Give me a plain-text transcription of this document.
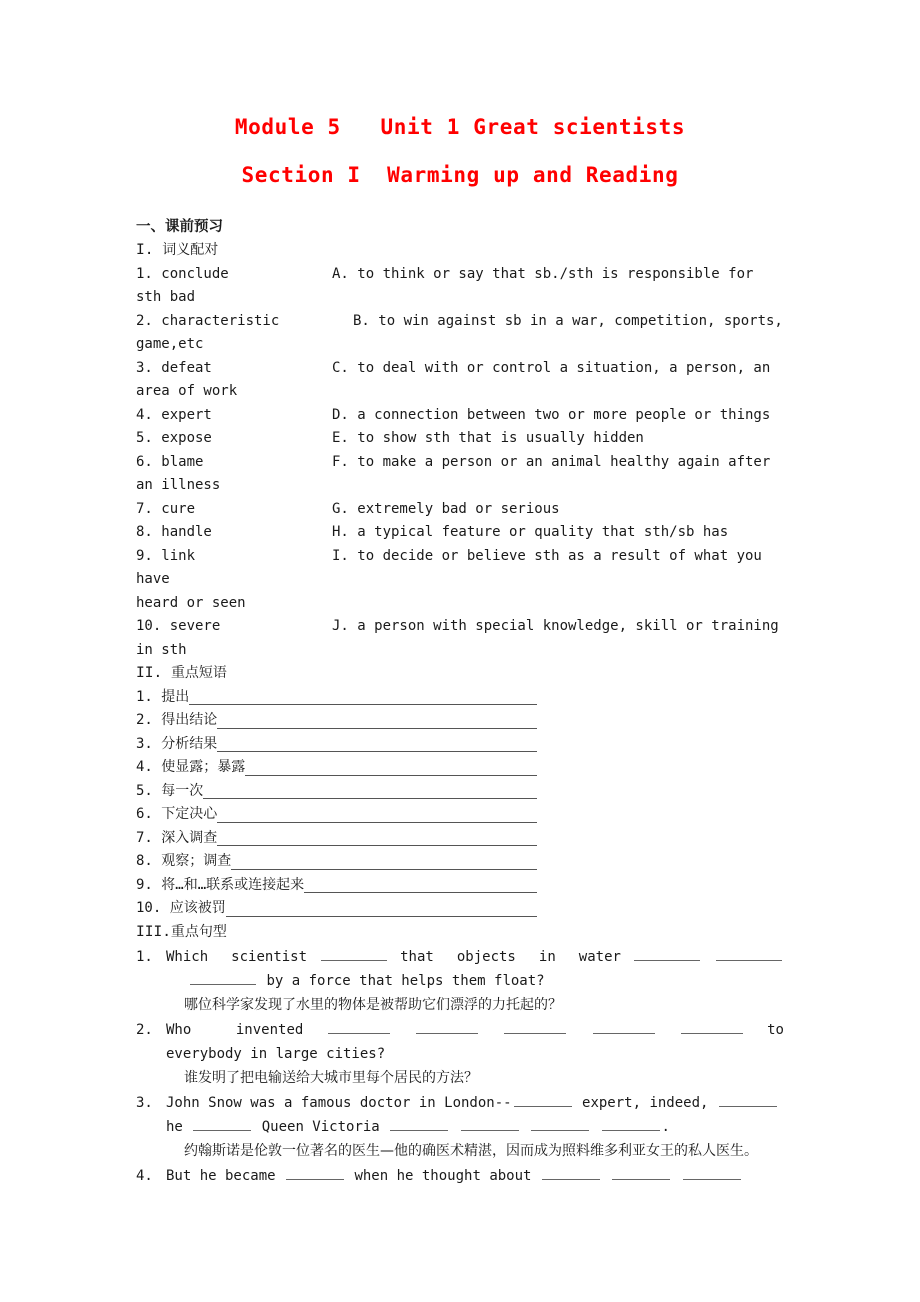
Module 5   Unit 1 Great scientists
Section I  Warming up and Reading
一、课前预习
I. 词义配对
1. conclude	A. to think or say that sb./sth is responsible for sth bad
2. characteristic	B. to win against sb in a war, competition, sports,
game,etc
3. defeat	C. to deal with or control a situation, a person, an
area of work
4. expert	D. a connection between two or more people or things
5. expose	E. to show sth that is usually hidden
6. blame	F. to make a person or an animal healthy again after
an illness
7. cure	G. extremely bad or serious
8. handle	H. a typical feature or quality that sth/sb has
9. link	I. to decide or believe sth as a result of what you have
heard or seen
10. severe	J. a person with special knowledge, skill or training
in sth
II. 重点短语
1. 提出
2. 得出结论
3. 分析结果
4. 使显露；暴露
5. 每一次
6. 下定决心
7. 深入调查
8. 观察；调查
9. 将…和…联系或连接起来
10. 应该被罚
III.重点句型
1. Which  scientist	that  objects  in  water
by a force that helps them float?
哪位科学家发现了水里的物体是被帮助它们漂浮的力托起的？
2. Who  invented	to
everybody in large cities?
谁发明了把电输送给大城市里每个居民的方法？
3. John Snow was a famous doctor in London--	expert, indeed,
he	Queen Victoria	.
约翰斯诺是伦敦一位著名的医生—他的确医术精湛，因而成为照料维多利亚女王的私人医生。
4. But he became	when he thought about
